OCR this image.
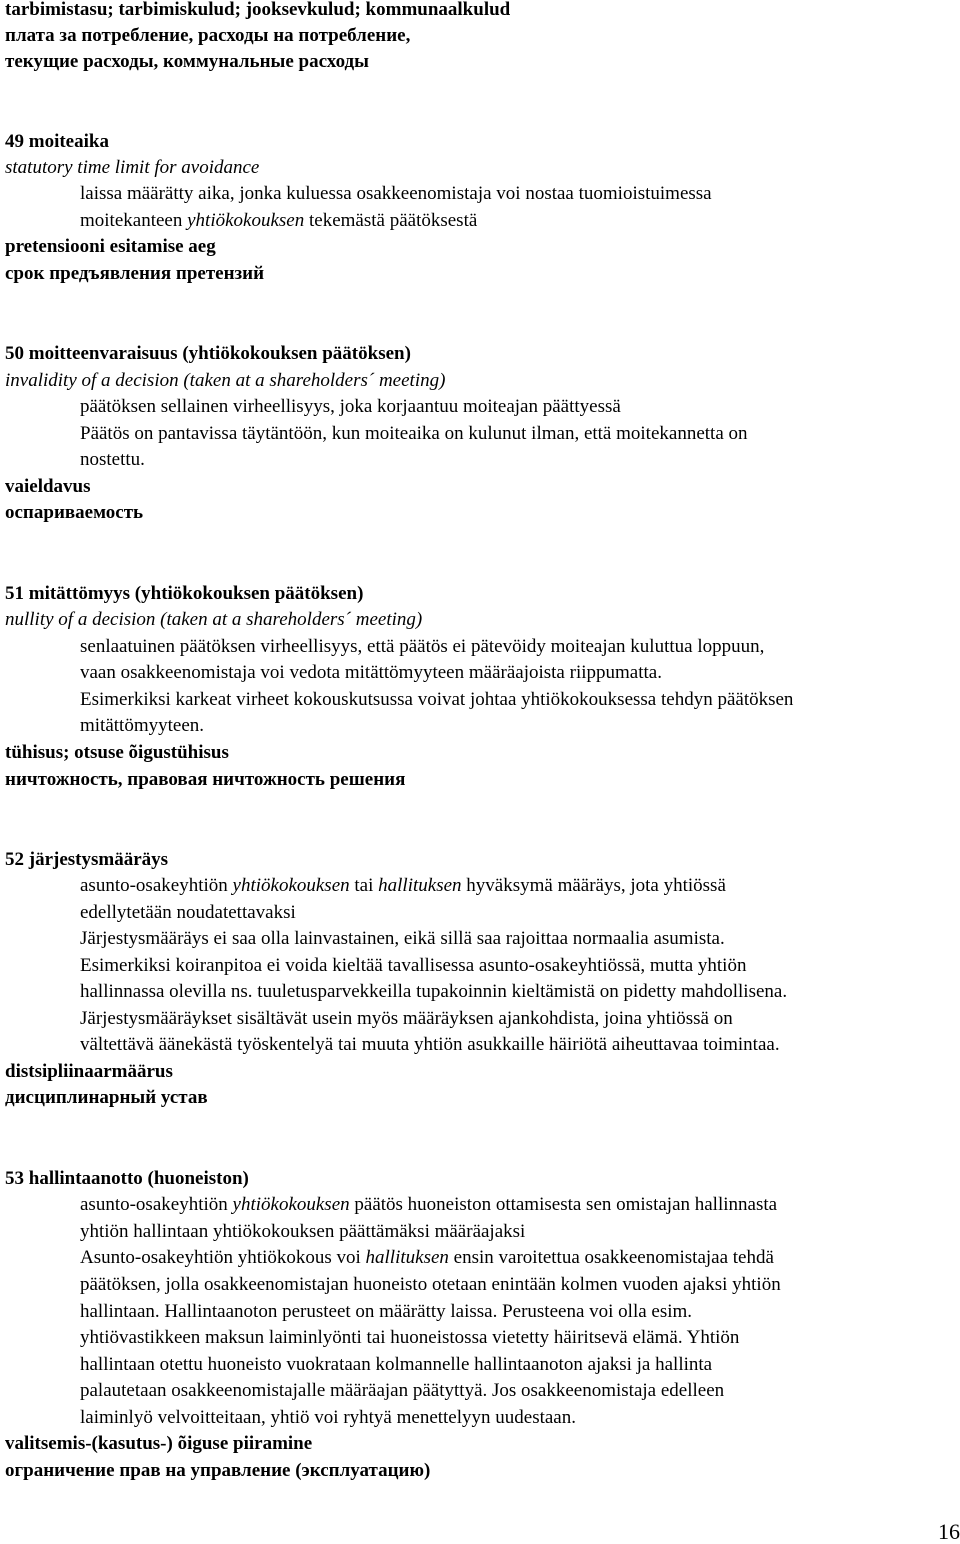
tarbimistasu; tarbimiskulud; jooksevkulud; kommunaalkulud
плата за потребление, расходы на потребление,
текущие расходы, коммунальные расходы
49 moiteaika
statutory time limit for avoidance
laissa määrätty aika, jonka kuluessa osakkeenomistaja voi nostaa tuomioistuimessa
moitekanteen yhtiökokouksen tekemästä päätöksestä
pretensiooni esitamise aeg
срок предъявления претензий
50 moitteenvaraisuus (yhtiökokouksen päätöksen)
invalidity of a decision (taken at a shareholders´ meeting)
päätöksen sellainen virheellisyys, joka korjaantuu moiteajan päättyessä
Päätös on pantavissa täytäntöön, kun moiteaika on kulunut ilman, että moitekannetta on
nostettu.
vaieldavus
оспариваемость
51 mitättömyys (yhtiökokouksen päätöksen)
nullity of a decision (taken at a shareholders´ meeting)
senlaatuinen päätöksen virheellisyys, että päätös ei pätevöidy moiteajan kuluttua loppuun,
vaan osakkeenomistaja voi vedota mitättömyyteen määräajoista riippumatta.
Esimerkiksi karkeat virheet kokouskutsussa voivat johtaa yhtiökokouksessa tehdyn päätöksen
mitättömyyteen.
tühisus; otsuse õigustühisus
ничтожность, правовая ничтожность решения
52 järjestysmääräys
asunto-osakeyhtiön yhtiökokouksen tai hallituksen hyväksymä määräys, jota yhtiössä
edellytetään noudatettavaksi
Järjestysmääräys ei saa olla lainvastainen, eikä sillä saa rajoittaa normaalia asumista.
Esimerkiksi koiranpitoa ei voida kieltää tavallisessa asunto-osakeyhtiössä, mutta yhtiön
hallinnassa olevilla ns. tuuletusparvekkeilla tupakoinnin kieltämistä on pidetty mahdollisena.
Järjestysmääräykset sisältävät usein myös määräyksen ajankohdista, joina yhtiössä on
vältettävä äänekästä työskentelyä tai muuta yhtiön asukkaille häiriötä aiheuttavaa toimintaa.
distsipliinaarmäärus
дисциплинарный устав
53 hallintaanotto (huoneiston)
asunto-osakeyhtiön yhtiökokouksen päätös huoneiston ottamisesta sen omistajan hallinnasta
yhtiön hallintaan yhtiökokouksen päättämäksi määräajaksi
Asunto-osakeyhtiön yhtiökokous voi hallituksen ensin varoitettua osakkeenomistajaa tehdä
päätöksen, jolla osakkeenomistajan huoneisto otetaan enintään kolmen vuoden ajaksi yhtiön
hallintaan. Hallintaanoton perusteet on määrätty laissa. Perusteena voi olla esim.
yhtiövastikkeen maksun laiminlyönti tai huoneistossa vietetty häiritsevä elämä. Yhtiön
hallintaan otettu huoneisto vuokrataan kolmannelle hallintaanoton ajaksi ja hallinta
palautetaan osakkeenomistajalle määräajan päätyttyä. Jos osakkeenomistaja edelleen
laiminlyö velvoitteitaan, yhtiö voi ryhtyä menettelyyn uudestaan.
valitsemis-(kasutus-) õiguse piiramine
ограничение прав на управление (эксплуатацию)
16
